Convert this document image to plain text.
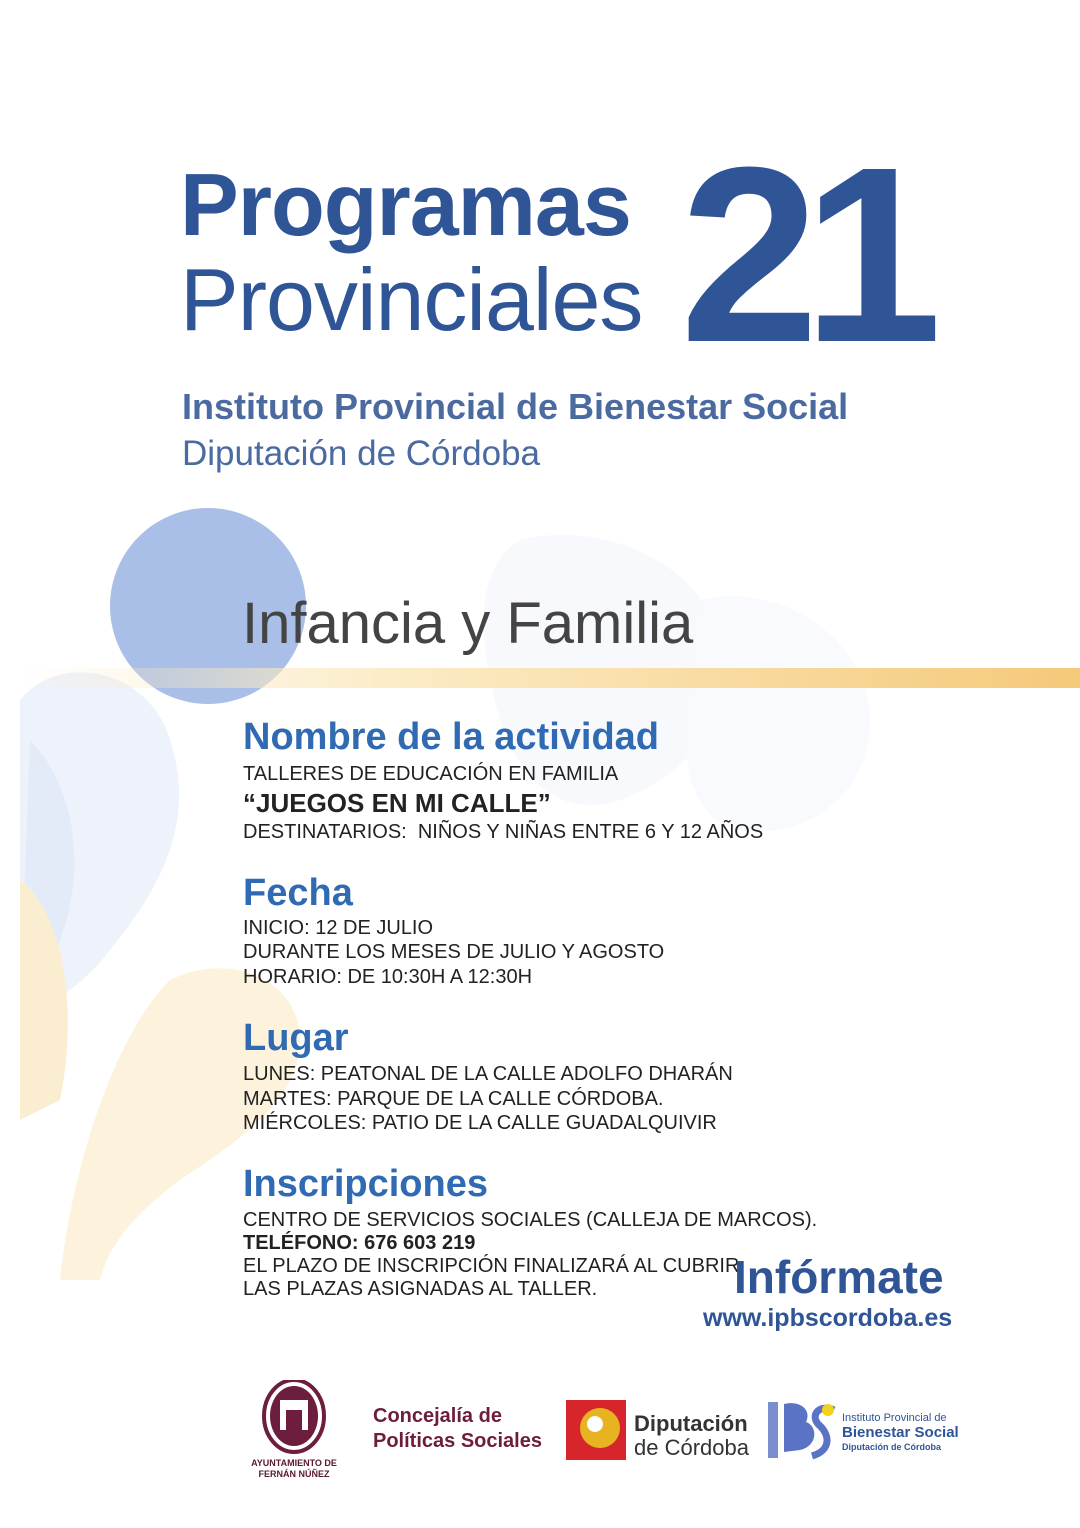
Programas
Provinciales 21
Instituto Provincial de Bienestar Social
Diputación de Córdoba
Infancia y Familia
Nombre de la actividad
TALLERES DE EDUCACIÓN EN FAMILIA
“JUEGOS EN MI CALLE”
DESTINATARIOS:  NIÑOS Y NIÑAS ENTRE 6 Y 12 AÑOS
Fecha
INICIO: 12 DE JULIO
DURANTE LOS MESES DE JULIO Y AGOSTO
HORARIO: DE 10:30H A 12:30H
Lugar
LUNES: PEATONAL DE LA CALLE ADOLFO DHARÁN
MARTES: PARQUE DE LA CALLE CÓRDOBA.
MIÉRCOLES: PATIO DE LA CALLE GUADALQUIVIR
Inscripciones
CENTRO DE SERVICIOS SOCIALES (CALLEJA DE MARCOS).
TELÉFONO: 676 603 219
EL PLAZO DE INSCRIPCIÓN FINALIZARÁ AL CUBRIR
LAS PLAZAS ASIGNADAS AL TALLER.	Infórmate
www.ipbscordoba.es
AYUNTAMIENTO DE
FERNÁN NÚÑEZ
Concejalía de
Políticas Sociales
Diputación
de Córdoba
Instituto Provincial de
Bienestar Social
Diputación de Córdoba
